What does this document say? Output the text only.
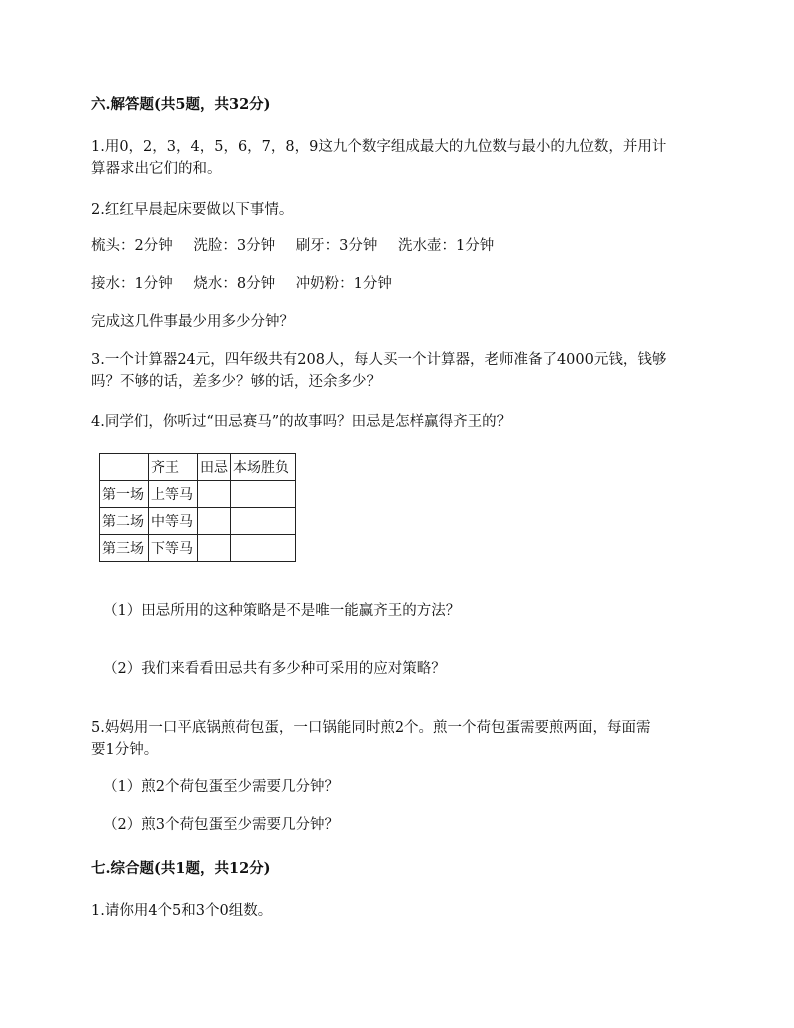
六.解答题(共5题，共32分)
1.用0，2，3，4，5，6，7，8，9这九个数字组成最大的九位数与最小的九位数，并用计
算器求出它们的和。
2.红红早晨起床要做以下事情。
梳头：2分钟 洗脸：3分钟 刷牙：3分钟 洗水壶：1分钟
接水：1分钟 烧水：8分钟 冲奶粉：1分钟
完成这几件事最少用多少分钟？
3.一个计算器24元，四年级共有208人，每人买一个计算器，老师准备了4000元钱，钱够
吗？不够的话，差多少？够的话，还余多少？
4.同学们，你听过“田忌赛马”的故事吗？田忌是怎样赢得齐王的？
	齐王	田忌	本场胜负
第一场	上等马		
第二场	中等马		
第三场	下等马		
（1）田忌所用的这种策略是不是唯一能赢齐王的方法？
（2）我们来看看田忌共有多少种可采用的应对策略？
5.妈妈用一口平底锅煎荷包蛋，一口锅能同时煎2个。煎一个荷包蛋需要煎两面，每面需
要1分钟。
（1）煎2个荷包蛋至少需要几分钟？
（2）煎3个荷包蛋至少需要几分钟？
七.综合题(共1题，共12分)
1.请你用4个5和3个0组数。
